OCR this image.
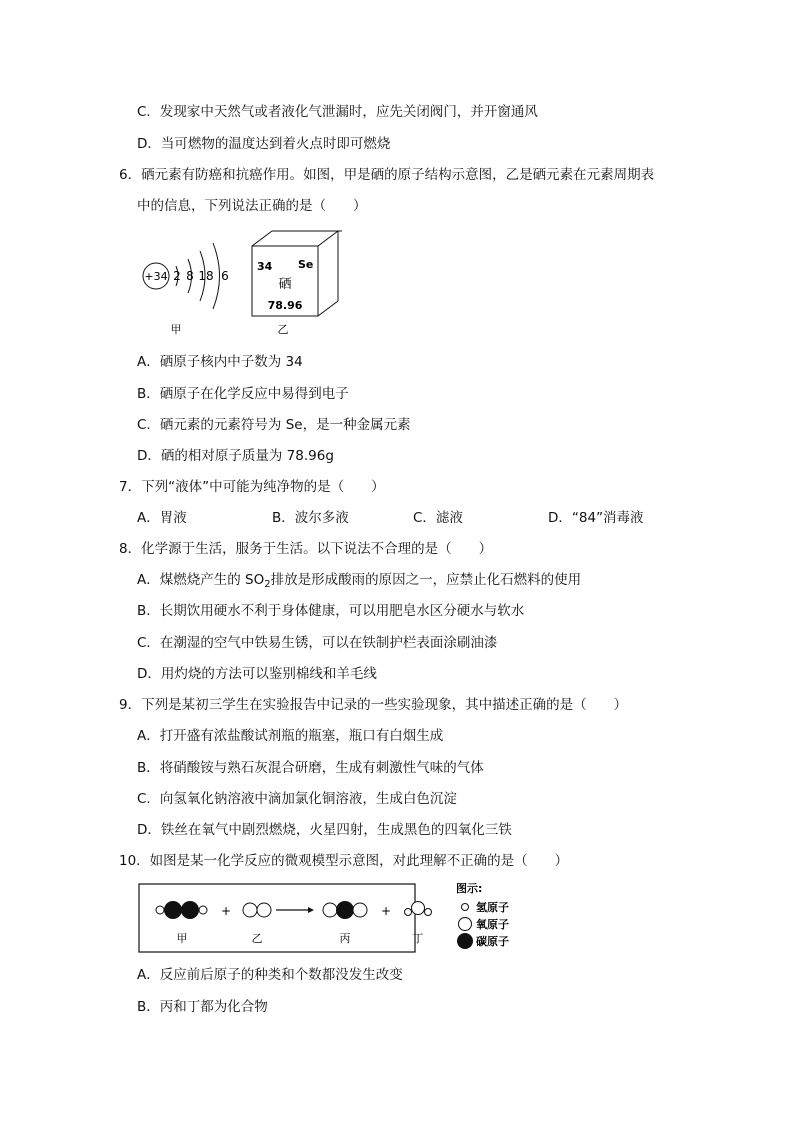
C．发现家中天然气或者液化气泄漏时，应先关闭阀门，并开窗通风
D．当可燃物的温度达到着火点时即可燃烧
6．硒元素有防癌和抗癌作用。如图，甲是硒的原子结构示意图，乙是硒元素在元素周期表
中的信息，下列说法正确的是（　　）
+34 2 8 18 6
甲
34 Se
硒
78.96
乙
A．硒原子核内中子数为 34
B．硒原子在化学反应中易得到电子
C．硒元素的元素符号为 Se，是一种金属元素
D．硒的相对原子质量为 78.96g
7．下列“液体”中可能为纯净物的是（　　）
A．胃液	B．波尔多液	C．滤液	D．“84”消毒液
8．化学源于生活，服务于生活。以下说法不合理的是（　　）
A．煤燃烧产生的 $SO_2$排放是形成酸雨的原因之一，应禁止化石燃料的使用
B．长期饮用硬水不利于身体健康，可以用肥皂水区分硬水与软水
C．在潮湿的空气中铁易生锈，可以在铁制护栏表面涂刷油漆
D．用灼烧的方法可以鉴别棉线和羊毛线
9．下列是某初三学生在实验报告中记录的一些实验现象，其中描述正确的是（　　）
A．打开盛有浓盐酸试剂瓶的瓶塞，瓶口有白烟生成
B．将硝酸铵与熟石灰混合研磨，生成有刺激性气味的气体
C．向氢氧化钠溶液中滴加氯化铜溶液，生成白色沉淀
D．铁丝在氧气中剧烈燃烧，火星四射，生成黑色的四氧化三铁
10．如图是某一化学反应的微观模型示意图，对此理解不正确的是（　　）
+	+
甲	乙	丙	丁
图示:
氢原子
氧原子
碳原子
A．反应前后原子的种类和个数都没发生改变
B．丙和丁都为化合物
